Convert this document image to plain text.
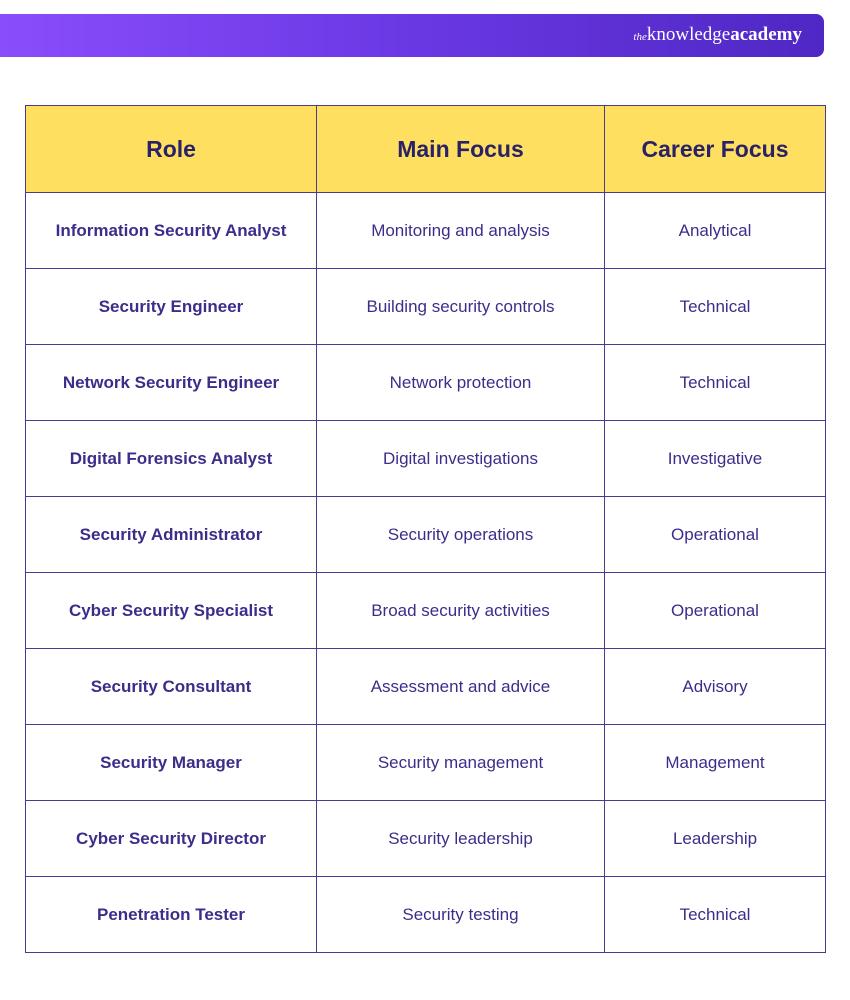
theknowledgeacademy
Role	Main Focus	Career Focus
Information Security Analyst	Monitoring and analysis	Analytical
Security Engineer	Building security controls	Technical
Network Security Engineer	Network protection	Technical
Digital Forensics Analyst	Digital investigations	Investigative
Security Administrator	Security operations	Operational
Cyber Security Specialist	Broad security activities	Operational
Security Consultant	Assessment and advice	Advisory
Security Manager	Security management	Management
Cyber Security Director	Security leadership	Leadership
Penetration Tester	Security testing	Technical
